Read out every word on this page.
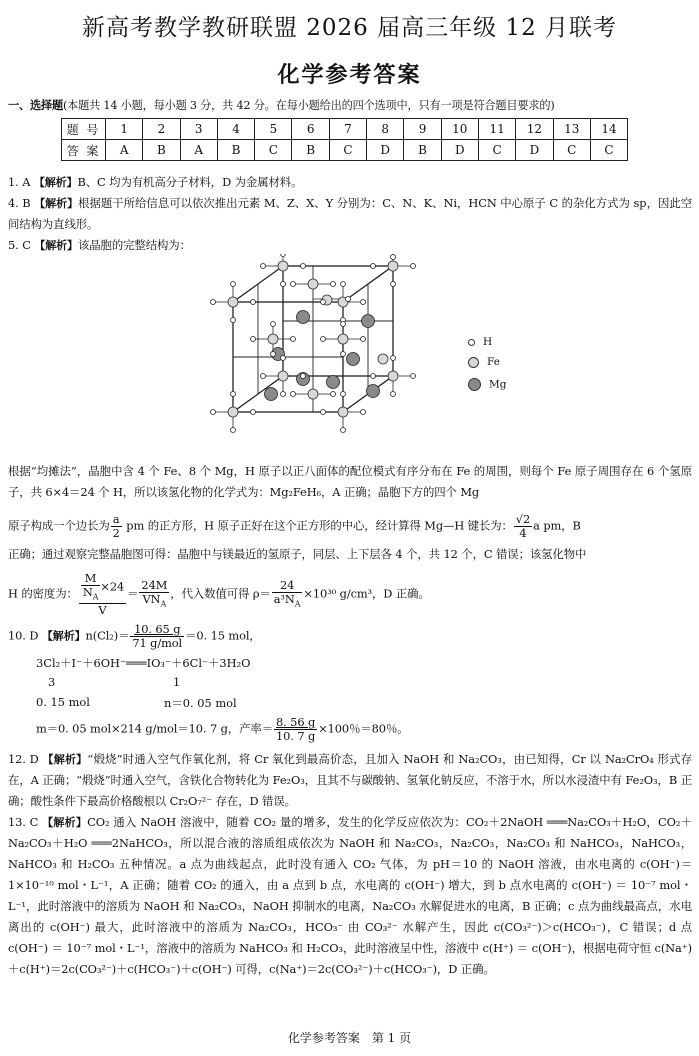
新高考教学教研联盟 2026 届高三年级 12 月联考
化学参考答案
一、选择题(本题共 14 小题，每小题 3 分，共 42 分。在每小题给出的四个选项中，只有一项是符合题目要求的)
题 号	1	2	3	4	5	6	7	8	9	10	11	12	13	14
答 案	A	B	A	B	C	B	C	D	B	D	C	D	C	C
1. A 【解析】B、C 均为有机高分子材料，D 为金属材料。
4. B 【解析】根据题干所给信息可以依次推出元素 M、Z、X、Y 分别为：C、N、K、Ni，HCN 中心原子 C 的杂化方式为 sp，因此空间结构为直线形。
5. C 【解析】该晶胞的完整结构为：
H
Fe
Mg
根据“均摊法”，晶胞中含 4 个 Fe、8 个 Mg，H 原子以正八面体的配位模式有序分布在 Fe 的周围，则每个 Fe 原子周围存在 6 个氢原子，共 6×4＝24 个 H，所以该氢化物的化学式为：Mg₂FeH₆，A 正确；晶胞下方的四个 Mg
原子构成一个边长为 $\frac{a}{2}$ pm 的正方形，H 原子正好在这个正方形的中心，经计算得 Mg—H 键长为： $\frac{√2}{4}$ a pm，B
正确；通过观察完整晶胞图可得：晶胞中与镁最近的氢原子，同层、上下层各 4 个，共 12 个，C 错误；该氢化物中
H 的密度为： $\frac{\frac{M}{N_A} \times 24}{V} = \frac{24M}{VN_A}$ ，代入数值可得 $\rho= \frac{24}{a^3N_A} \times 10^{30}$ g/cm³，D 正确。
10. D 【解析】$n(Cl_2)= \frac{10. 65 g}{\text{71 g/mol}} =0$. 15 mol，
3Cl₂＋I⁻＋6OH⁻═══IO₃⁻＋6Cl⁻＋3H₂O
3	1
0. 15 mol	n＝0. 05 mol
m＝0. 05 mol×214 g/mol＝10. 7 g，产率＝ $\frac{8. 56 g}{10. 7 g} \times 100$％＝80％。
12. D 【解析】“煅烧”时通入空气作氧化剂，将 Cr 氧化到最高价态，且加入 NaOH 和 Na₂CO₃，由已知得，Cr 以 Na₂CrO₄ 形式存在，A 正确；“煅烧”时通入空气，含铁化合物转化为 Fe₂O₃，且其不与碳酸钠、氢氧化钠反应，不溶于水，所以水浸渣中有 Fe₂O₃，B 正确；酸性条件下最高价格酸根以 Cr₂O₇²⁻ 存在，D 错误。
13. C 【解析】CO₂ 通入 NaOH 溶液中，随着 CO₂ 量的增多，发生的化学反应依次为：CO₂＋2NaOH ═══Na₂CO₃＋H₂O，CO₂＋Na₂CO₃＋H₂O ═══2NaHCO₃，所以混合液的溶质组成依次为 NaOH 和 Na₂CO₃，Na₂CO₃，Na₂CO₃ 和 NaHCO₃，NaHCO₃，NaHCO₃ 和 H₂CO₃ 五种情况。a 点为曲线起点，此时没有通入 CO₂ 气体，为 pH＝10 的 NaOH 溶液，由水电离的 c(OH⁻)＝1×10⁻¹⁰ mol・L⁻¹，A 正确；随着 CO₂ 的通入，由 a 点到 b 点，水电离的 c(OH⁻) 增大，到 b 点水电离的 c(OH⁻) ＝ 10⁻⁷ mol・L⁻¹，此时溶液中的溶质为 NaOH 和 Na₂CO₃，NaOH 抑制水的电离，Na₂CO₃ 水解促进水的电离，B 正确；c 点为曲线最高点，水电离出的 c(OH⁻) 最大，此时溶液中的溶质为 Na₂CO₃，HCO₃⁻ 由 CO₃²⁻ 水解产生，因此 c(CO₃²⁻)＞c(HCO₃⁻)，C 错误；d 点 c(OH⁻) ＝ 10⁻⁷ mol・L⁻¹，溶液中的溶质为 NaHCO₃ 和 H₂CO₃，此时溶液呈中性，溶液中 c(H⁺) ＝ c(OH⁻)，根据电荷守恒 c(Na⁺)＋c(H⁺)＝2c(CO₃²⁻)＋c(HCO₃⁻)＋c(OH⁻) 可得，c(Na⁺)＝2c(CO₃²⁻)＋c(HCO₃⁻)，D 正确。
化学参考答案　第 1 页
